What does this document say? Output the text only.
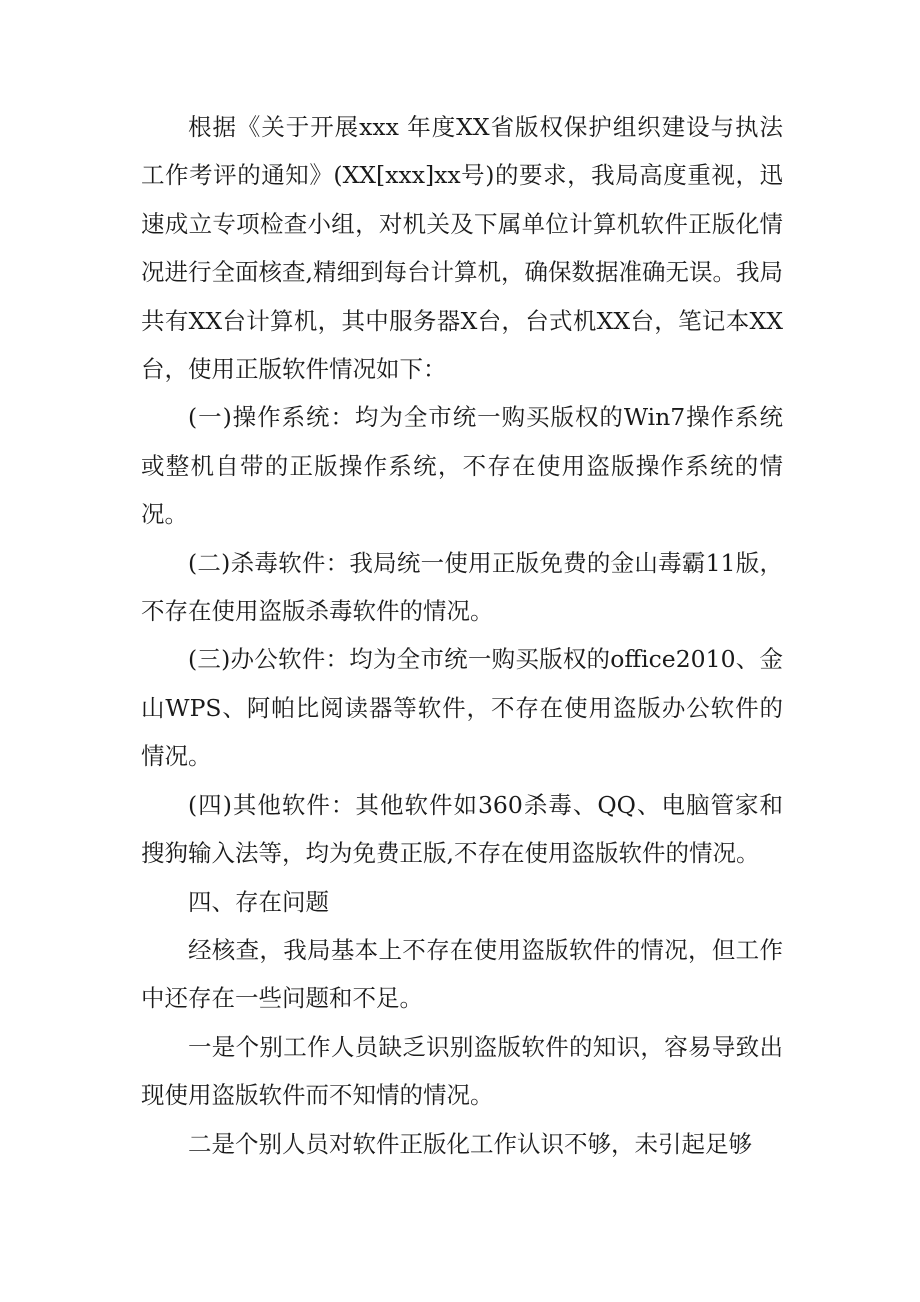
根据《关于开展xxx 年度XX省版权保护组织建设与执法工作考评的通知》(XX[xxx]xx号)的要求，我局高度重视，迅速成立专项检查小组，对机关及下属单位计算机软件正版化情况进行全面核查,精细到每台计算机，确保数据准确无误。我局共有XX台计算机，其中服务器X台，台式机XX台，笔记本XX台，使用正版软件情况如下：

(一)操作系统：均为全市统一购买版权的Win7操作系统或整机自带的正版操作系统，不存在使用盗版操作系统的情况。

(二)杀毒软件：我局统一使用正版免费的金山毒霸11版，不存在使用盗版杀毒软件的情况。

(三)办公软件：均为全市统一购买版权的office2010、金山WPS、阿帕比阅读器等软件，不存在使用盗版办公软件的情况。

(四)其他软件：其他软件如360杀毒、QQ、电脑管家和搜狗输入法等，均为免费正版,不存在使用盗版软件的情况。

四、存在问题

经核查，我局基本上不存在使用盗版软件的情况，但工作中还存在一些问题和不足。

一是个别工作人员缺乏识别盗版软件的知识，容易导致出现使用盗版软件而不知情的情况。

二是个别人员对软件正版化工作认识不够，未引起足够
